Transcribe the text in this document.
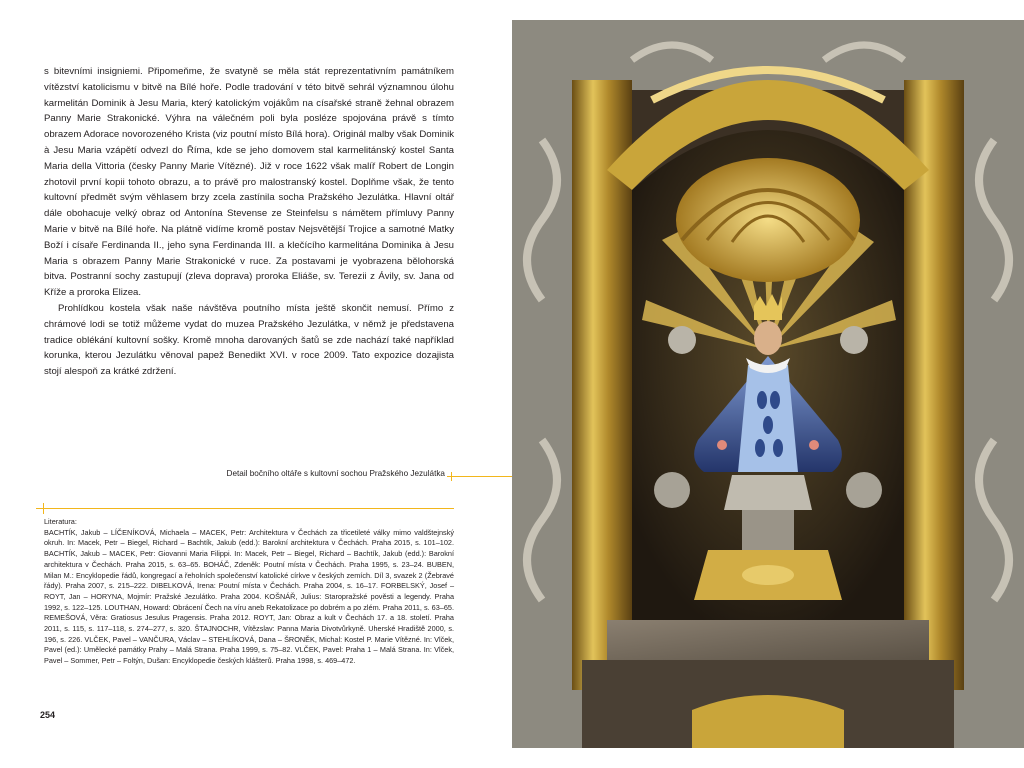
s bitevními insigniemi. Připomeňme, že svatyně se měla stát reprezentativním památníkem vítězství katolicismu v bitvě na Bílé hoře. Podle tradování v této bitvě sehrál významnou úlohu karmelitán Dominik à Jesu Maria, který katolickým vojákům na císařské straně žehnal obrazem Panny Marie Strakonické. Výhra na válečném poli byla posléze spojována právě s tímto obrazem Adorace novorozeného Krista (viz poutní místo Bílá hora). Originál malby však Dominik à Jesu Maria vzápětí odvezl do Říma, kde se jeho domovem stal karmelitánský kostel Santa Maria della Vittoria (česky Panny Marie Vítězné). Již v roce 1622 však malíř Robert de Longin zhotovil první kopii tohoto obrazu, a to právě pro malostranský kostel. Doplňme však, že tento kultovní předmět svým věhlasem brzy zcela zastínila socha Pražského Jezulátka. Hlavní oltář dále obohacuje velký obraz od Antonína Stevense ze Steinfelsu s námětem přímluvy Panny Marie v bitvě na Bílé hoře. Na plátně vidíme kromě postav Nejsvětější Trojice a samotné Matky Boží i císaře Ferdinanda II., jeho syna Ferdinanda III. a klečícího karmelitána Dominika à Jesu Maria s obrazem Panny Marie Strakonické v ruce. Za postavami je vyobrazena bělohorská bitva. Postranní sochy zastupují (zleva doprava) proroka Eliáše, sv. Terezii z Ávily, sv. Jana od Kříže a proroka Elizea.

Prohlídkou kostela však naše návštěva poutního místa ještě skončit nemusí. Přímo z chrámové lodi se totiž můžeme vydat do muzea Pražského Jezulátka, v němž je představena tradice oblékání kultovní sošky. Kromě mnoha darovaných šatů se zde nachází také například korunka, kterou Jezulátku věnoval papež Benedikt XVI. v roce 2009. Tato expozice dozajista stojí alespoň za krátké zdržení.

Detail bočního oltáře s kultovní sochou Pražského Jezulátka
Literatura:
BACHTÍK, Jakub – LÍČENÍKOVÁ, Michaela – MACEK, Petr: Architektura v Čechách za třicetileté války mimo valdštejnský okruh. In: Macek, Petr – Biegel, Richard – Bachtík, Jakub (edd.): Barokní architektura v Čechách. Praha 2015, s. 101–102. BACHTÍK, Jakub – MACEK, Petr: Giovanni Maria Filippi. In: Macek, Petr – Biegel, Richard – Bachtík, Jakub (edd.): Barokní architektura v Čechách. Praha 2015, s. 63–65. BOHÁČ, Zdeněk: Poutní místa v Čechách. Praha 1995, s. 23–24. BUBEN, Milan M.: Encyklopedie řádů, kongregací a řeholních společenství katolické církve v českých zemích. Díl 3, svazek 2 (Žebravé řády). Praha 2007, s. 215–222. DIBELKOVÁ, Irena: Poutní místa v Čechách. Praha 2004, s. 16–17. FORBELSKÝ, Josef – ROYT, Jan – HORYNA, Mojmír: Pražské Jezulátko. Praha 2004. KOŠNÁŘ, Julius: Staropražské pověsti a legendy. Praha 1992, s. 122–125. LOUTHAN, Howard: Obrácení Čech na víru aneb Rekatolizace po dobrém a po zlém. Praha 2011, s. 63–65. REMEŠOVÁ, Věra: Gratiosus Jesulus Pragensis. Praha 2012. ROYT, Jan: Obraz a kult v Čechách 17. a 18. století. Praha 2011, s. 115, s. 117–118, s. 274–277, s. 320. ŠTAJNOCHR, Vítězslav: Panna Maria Divotvůrkyně. Uherské Hradiště 2000, s. 196, s. 226. VLČEK, Pavel – VANČURA, Václav – STEHLÍKOVÁ, Dana – ŠRONĚK, Michal: Kostel P. Marie Vítězné. In: Vlček, Pavel (ed.): Umělecké památky Prahy – Malá Strana. Praha 1999, s. 75–82. VLČEK, Pavel: Praha 1 – Malá Strana. In: Vlček, Pavel – Sommer, Petr – Foltýn, Dušan: Encyklopedie českých klášterů. Praha 1998, s. 469–472.
254
